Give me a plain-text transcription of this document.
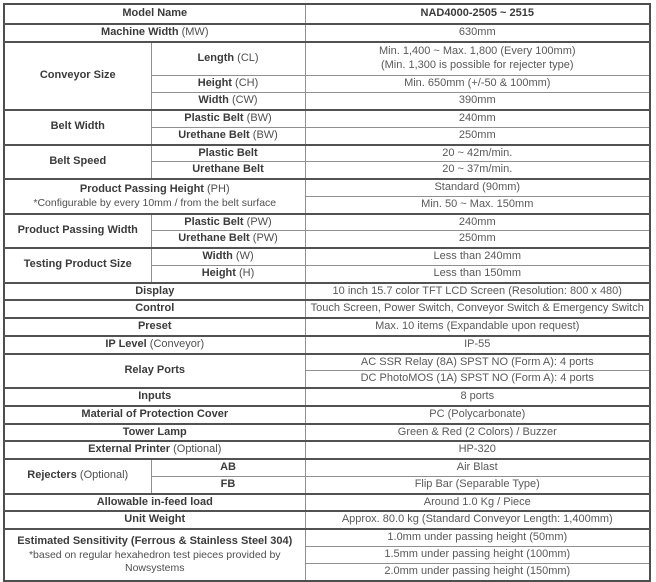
Model Name		NAD4000-2505 ~ 2515
Machine Width (MW)		630mm
Conveyor Size	Length (CL)	Min. 1,400 ~ Max. 1,800 (Every 100mm)
(Min. 1,300 is possible for rejecter type)

	Height (CH)	Min. 650mm (+/-50 & 100mm)
	Width (CW)	390mm
Belt Width	Plastic Belt (BW)	240mm
	Urethane Belt (BW)	250mm
Belt Speed	Plastic Belt	20 ~ 42m/min.
	Urethane Belt	20 ~ 37m/min.

Product Passing Height (PH)
*Configurable by every 10mm / from the belt surface		Standard (90mm)
		Min. 50 ~ Max. 150mm
Product Passing Width	Plastic Belt (PW)	240mm
	Urethane Belt (PW)	250mm
Testing Product Size	Width (W)	Less than 240mm
	Height (H)	Less than 150mm
Display		10 inch 15.7 color TFT LCD Screen (Resolution: 800 x 480)
Control		Touch Screen, Power Switch, Conveyor Switch & Emergency Switch
Preset		Max. 10 items (Expandable upon request)
IP Level (Conveyor)		IP-55
Relay Ports		AC SSR Relay (8A) SPST NO (Form A): 4 ports
		DC PhotoMOS (1A) SPST NO (Form A): 4 ports
Inputs		8 ports
Material of Protection Cover		PC (Polycarbonate)
Tower Lamp		Green & Red (2 Colors) / Buzzer
External Printer (Optional)		HP-320
Rejecters (Optional)	AB	Air Blast
	FB	Flip Bar (Separable Type)
Allowable in-feed load		Around 1.0 Kg / Piece
Unit Weight		Approx. 80.0 kg (Standard Conveyor Length: 1,400mm)

Estimated Sensitivity (Ferrous & Stainless Steel 304)
*based on regular hexahedron test pieces provided by Nowsystems		1.0mm under passing height (50mm)
		1.5mm under passing height (100mm)
		2.0mm under passing height (150mm)
